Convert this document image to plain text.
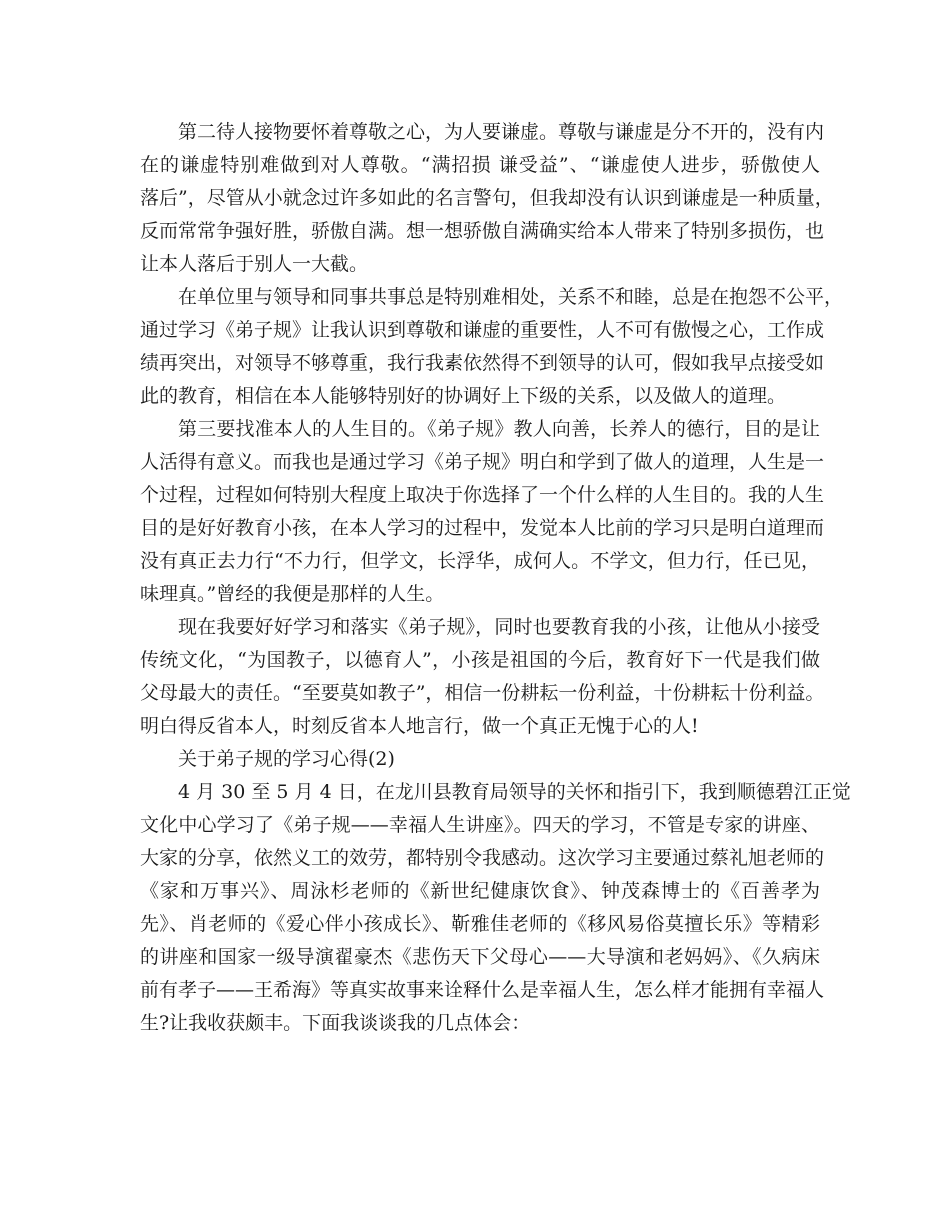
第二待人接物要怀着尊敬之心，为人要谦虚。尊敬与谦虚是分不开的，没有内
在的谦虚特别难做到对人尊敬。“满招损 谦受益”、“谦虚使人进步，骄傲使人
落后”，尽管从小就念过许多如此的名言警句，但我却没有认识到谦虚是一种质量，
反而常常争强好胜，骄傲自满。想一想骄傲自满确实给本人带来了特别多损伤，也
让本人落后于别人一大截。
在单位里与领导和同事共事总是特别难相处，关系不和睦，总是在抱怨不公平，
通过学习《弟子规》让我认识到尊敬和谦虚的重要性，人不可有傲慢之心，工作成
绩再突出，对领导不够尊重，我行我素依然得不到领导的认可，假如我早点接受如
此的教育，相信在本人能够特别好的协调好上下级的关系，以及做人的道理。
第三要找准本人的人生目的。《弟子规》教人向善，长养人的德行，目的是让
人活得有意义。而我也是通过学习《弟子规》明白和学到了做人的道理，人生是一
个过程，过程如何特别大程度上取决于你选择了一个什么样的人生目的。我的人生
目的是好好教育小孩，在本人学习的过程中，发觉本人比前的学习只是明白道理而
没有真正去力行“不力行，但学文，长浮华，成何人。不学文，但力行，任已见，
味理真。”曾经的我便是那样的人生。
现在我要好好学习和落实《弟子规》，同时也要教育我的小孩，让他从小接受
传统文化，“为国教子，以德育人”，小孩是祖国的今后，教育好下一代是我们做
父母最大的责任。“至要莫如教子”，相信一份耕耘一份利益，十份耕耘十份利益。
明白得反省本人，时刻反省本人地言行，做一个真正无愧于心的人!
关于弟子规的学习心得(2)
4 月 30 至 5 月 4 日，在龙川县教育局领导的关怀和指引下，我到顺德碧江正觉
文化中心学习了《弟子规——幸福人生讲座》。四天的学习，不管是专家的讲座、
大家的分享，依然义工的效劳，都特别令我感动。这次学习主要通过蔡礼旭老师的
《家和万事兴》、周泳杉老师的《新世纪健康饮食》、钟茂森博士的《百善孝为
先》、肖老师的《爱心伴小孩成长》、靳雅佳老师的《移风易俗莫擅长乐》等精彩
的讲座和国家一级导演翟豪杰《悲伤天下父母心——大导演和老妈妈》、《久病床
前有孝子——王希海》等真实故事来诠释什么是幸福人生，怎么样才能拥有幸福人
生?让我收获颇丰。下面我谈谈我的几点体会：
